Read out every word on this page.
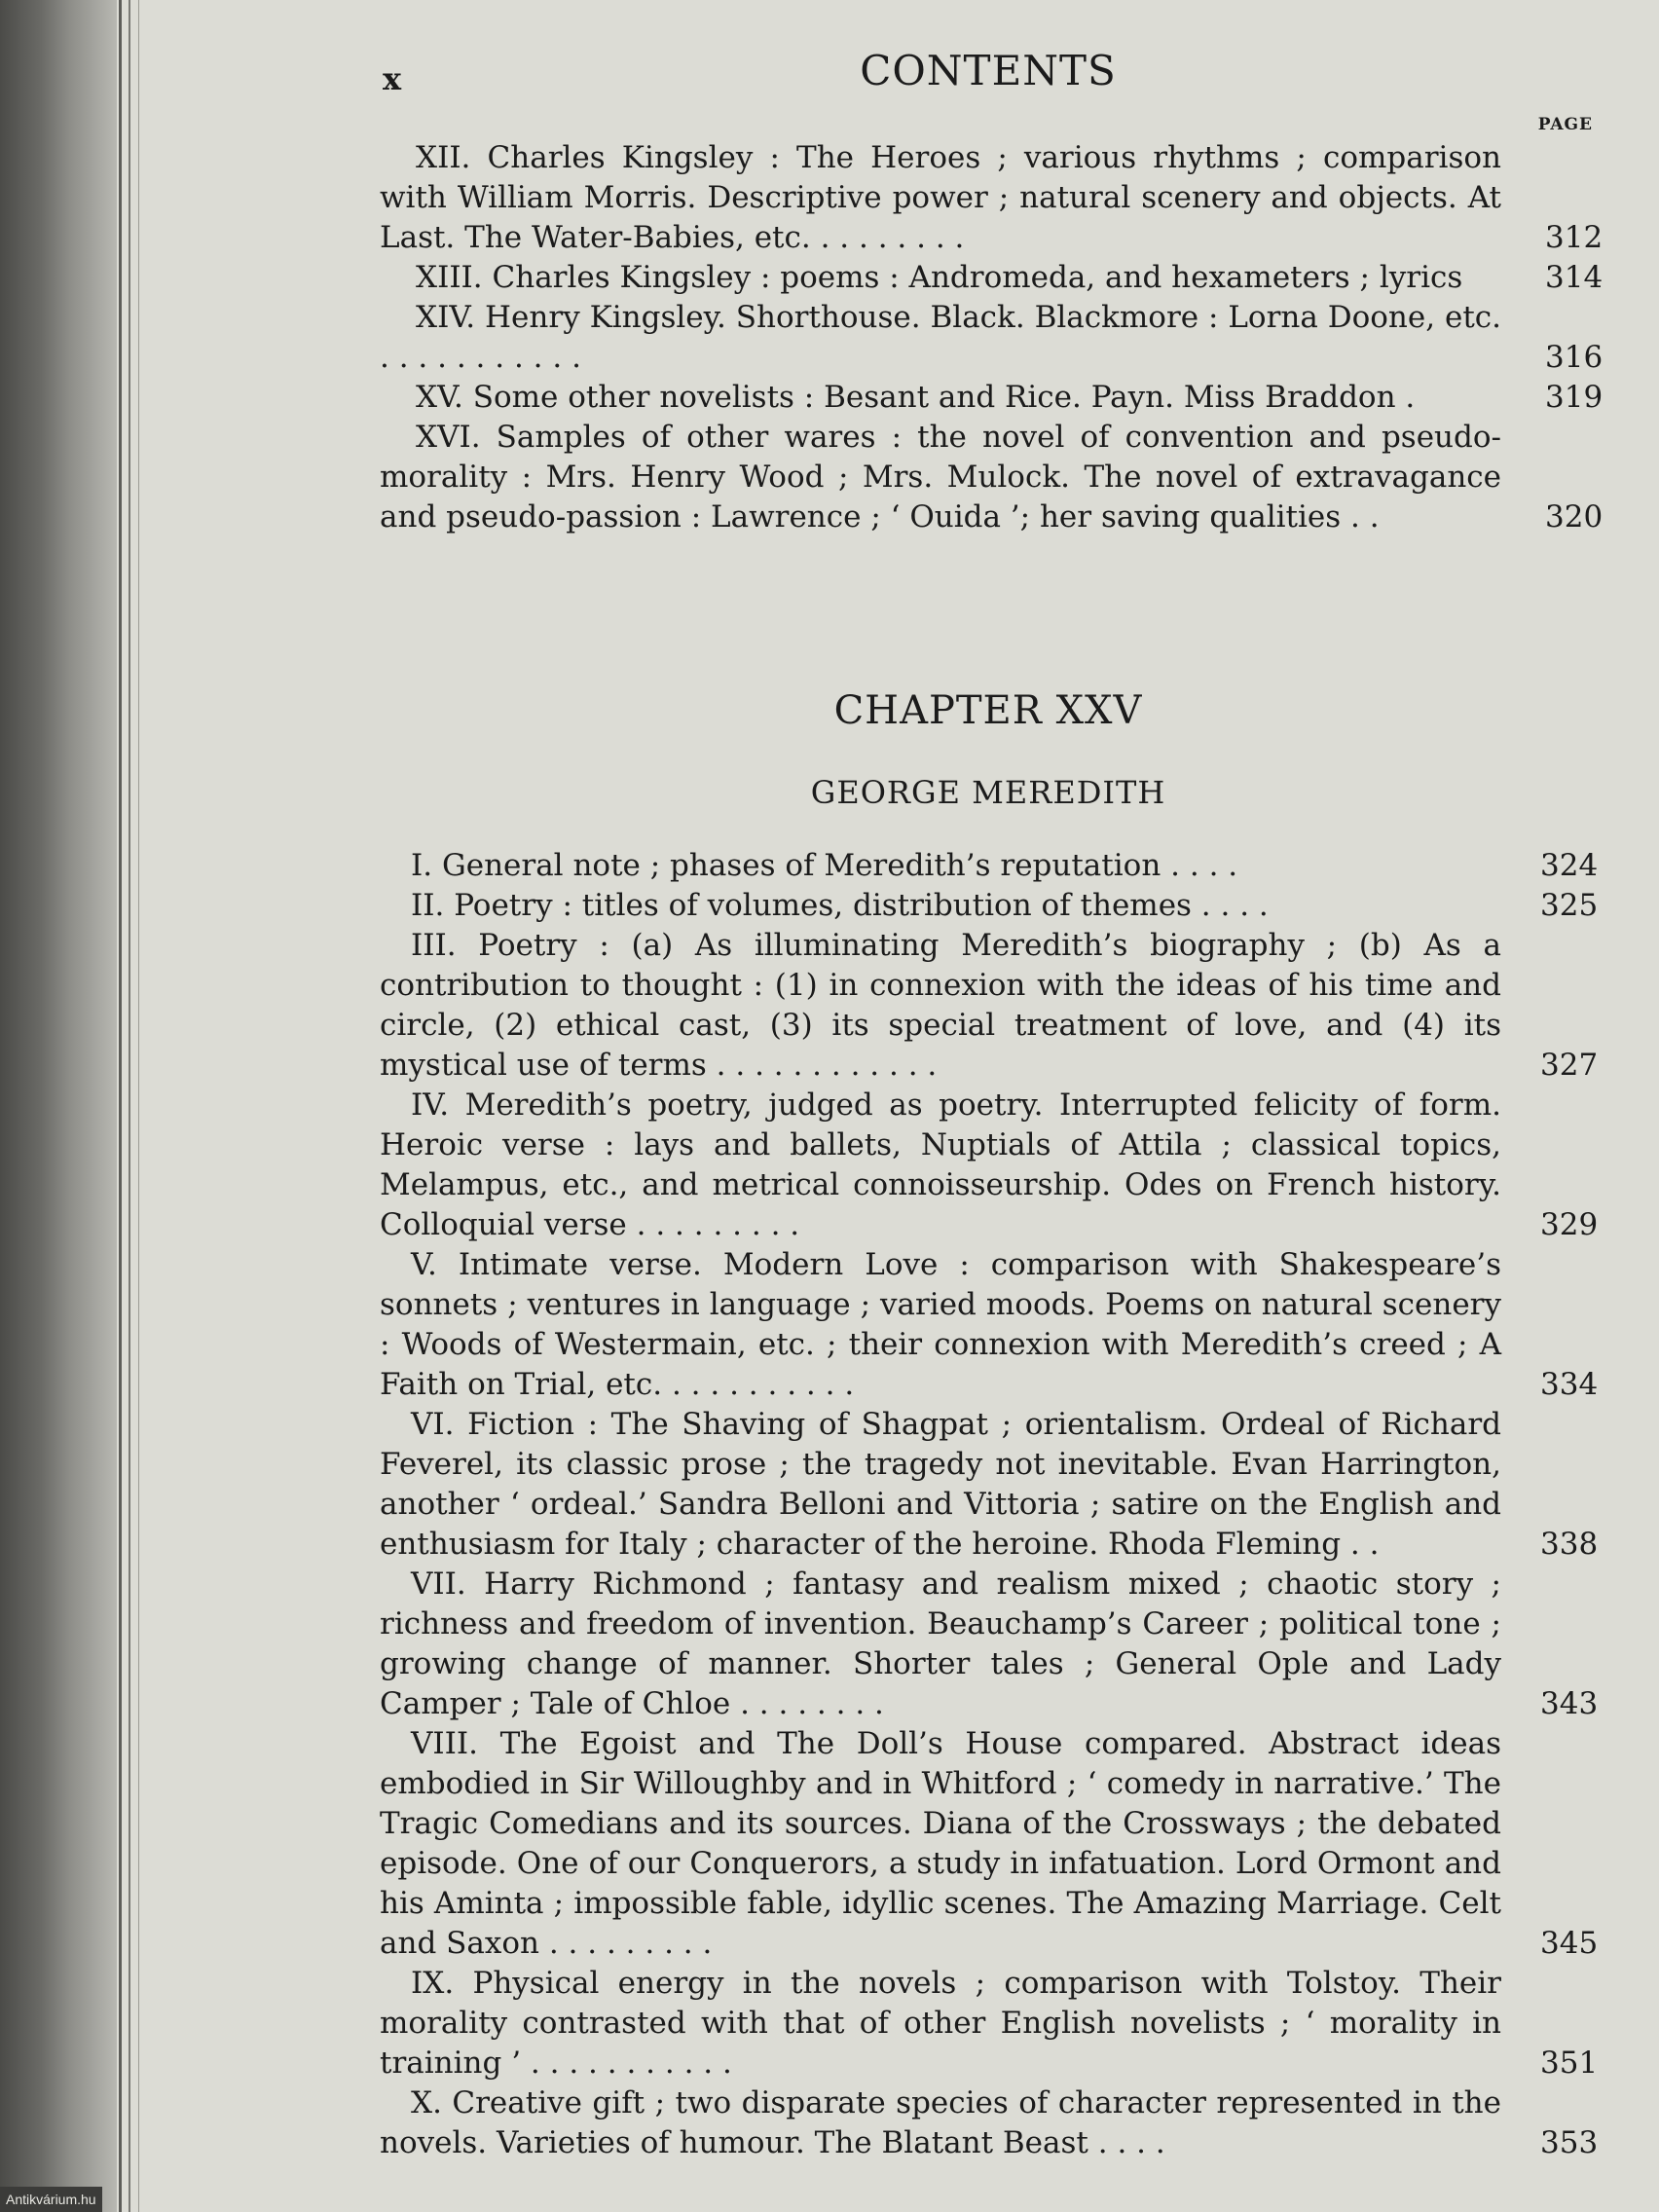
x	CONTENTS
PAGE
XII. Charles Kingsley : The Heroes ; various rhythms ; comparison with William Morris. Descriptive power ; natural scenery and objects. At Last. The Water-Babies, etc. . . . . . . . .	312
XIII. Charles Kingsley : poems : Andromeda, and hexameters ; lyrics	314
XIV. Henry Kingsley. Shorthouse. Black. Blackmore : Lorna Doone, etc. . . . . . . . . . . .	316
XV. Some other novelists : Besant and Rice. Payn. Miss Braddon .	319
XVI. Samples of other wares : the novel of convention and pseudo-morality : Mrs. Henry Wood ; Mrs. Mulock. The novel of extravagance and pseudo-passion : Lawrence ; ‘ Ouida ’; her saving qualities . .	320
CHAPTER XXV
GEORGE MEREDITH
I. General note ; phases of Meredith’s reputation . . . .	324
II. Poetry : titles of volumes, distribution of themes . . . .	325
III. Poetry : (a) As illuminating Meredith’s biography ; (b) As a contribution to thought : (1) in connexion with the ideas of his time and circle, (2) ethical cast, (3) its special treatment of love, and (4) its mystical use of terms . . . . . . . . . . . .	327
IV. Meredith’s poetry, judged as poetry. Interrupted felicity of form. Heroic verse : lays and ballets, Nuptials of Attila ; classical topics, Melampus, etc., and metrical connoisseurship. Odes on French history. Colloquial verse . . . . . . . . .	329
V. Intimate verse. Modern Love : comparison with Shakespeare’s sonnets ; ventures in language ; varied moods. Poems on natural scenery : Woods of Westermain, etc. ; their connexion with Meredith’s creed ; A Faith on Trial, etc. . . . . . . . . . .	334
VI. Fiction : The Shaving of Shagpat ; orientalism. Ordeal of Richard Feverel, its classic prose ; the tragedy not inevitable. Evan Harrington, another ‘ ordeal.’ Sandra Belloni and Vittoria ; satire on the English and enthusiasm for Italy ; character of the heroine. Rhoda Fleming . .	338
VII. Harry Richmond ; fantasy and realism mixed ; chaotic story ; richness and freedom of invention. Beauchamp’s Career ; political tone ; growing change of manner. Shorter tales ; General Ople and Lady Camper ; Tale of Chloe . . . . . . . .	343
VIII. The Egoist and The Doll’s House compared. Abstract ideas embodied in Sir Willoughby and in Whitford ; ‘ comedy in narrative.’ The Tragic Comedians and its sources. Diana of the Crossways ; the debated episode. One of our Conquerors, a study in infatuation. Lord Ormont and his Aminta ; impossible fable, idyllic scenes. The Amazing Marriage. Celt and Saxon . . . . . . . . .	345
IX. Physical energy in the novels ; comparison with Tolstoy. Their morality contrasted with that of other English novelists ; ‘ morality in training ’ . . . . . . . . . . .	351
X. Creative gift ; two disparate species of character represented in the novels. Varieties of humour. The Blatant Beast . . . .	353
Antikvárium.hu
